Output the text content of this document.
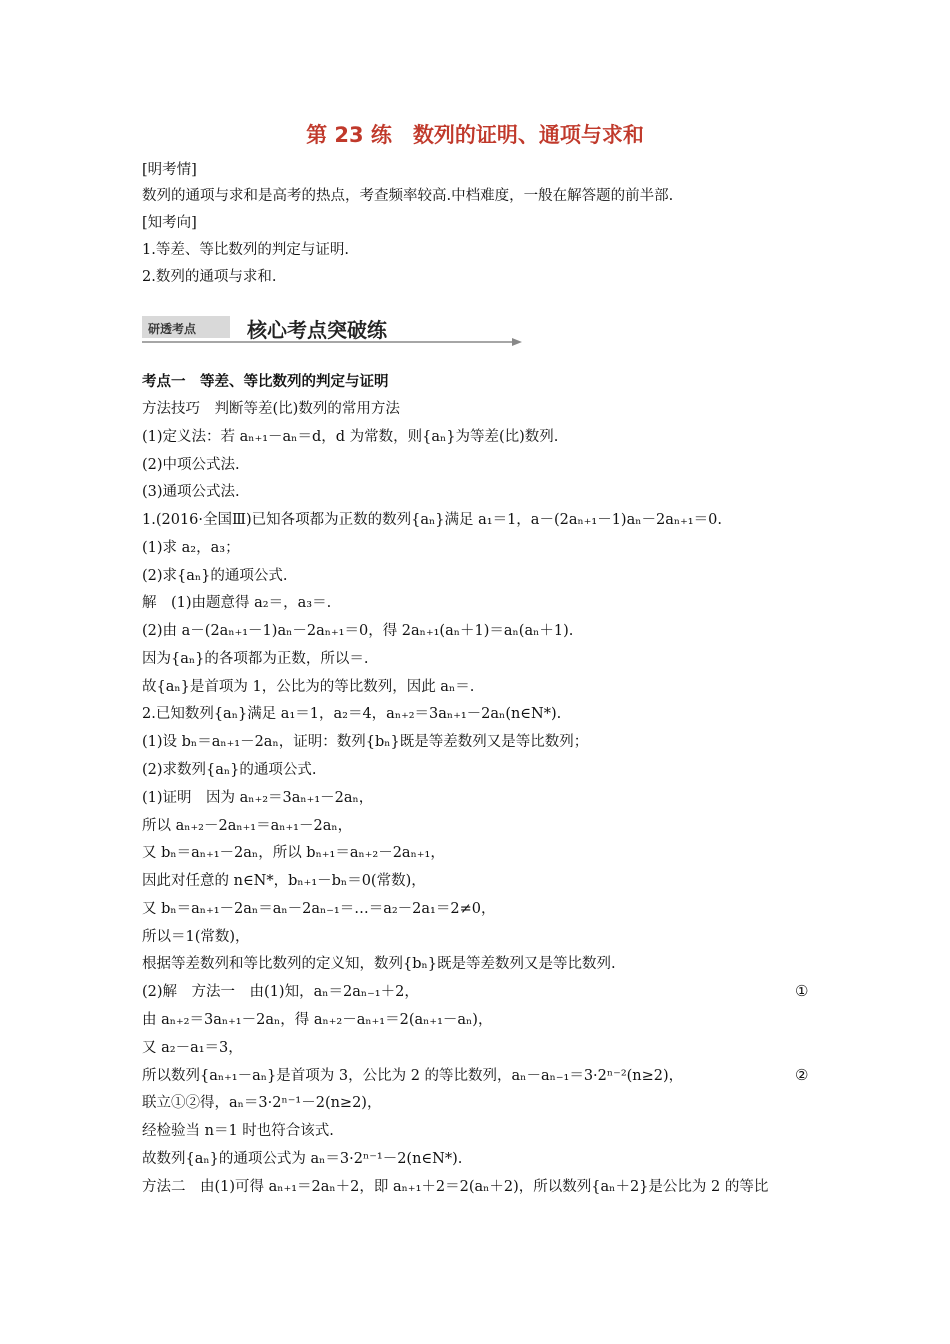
第 23 练　数列的证明、通项与求和
[明考情]
数列的通项与求和是高考的热点，考查频率较高.中档难度，一般在解答题的前半部.
[知考向]
1.等差、等比数列的判定与证明.
2.数列的通项与求和.
研透考点	核心考点突破练
考点一　等差、等比数列的判定与证明
方法技巧　判断等差(比)数列的常用方法
(1)定义法：若 aₙ₊₁－aₙ＝d，d 为常数，则{aₙ}为等差(比)数列.
(2)中项公式法.
(3)通项公式法.
1.(2016·全国Ⅲ)已知各项都为正数的数列{aₙ}满足 a₁＝1，a－(2aₙ₊₁－1)aₙ－2aₙ₊₁＝0.
(1)求 a₂，a₃；
(2)求{aₙ}的通项公式.
解　(1)由题意得 a₂＝，a₃＝.
(2)由 a－(2aₙ₊₁－1)aₙ－2aₙ₊₁＝0，得 2aₙ₊₁(aₙ＋1)＝aₙ(aₙ＋1).
因为{aₙ}的各项都为正数，所以＝.
故{aₙ}是首项为 1，公比为的等比数列，因此 aₙ＝.
2.已知数列{aₙ}满足 a₁＝1，a₂＝4，aₙ₊₂＝3aₙ₊₁－2aₙ(n∈N*).
(1)设 bₙ＝aₙ₊₁－2aₙ，证明：数列{bₙ}既是等差数列又是等比数列；
(2)求数列{aₙ}的通项公式.
(1)证明　因为 aₙ₊₂＝3aₙ₊₁－2aₙ，
所以 aₙ₊₂－2aₙ₊₁＝aₙ₊₁－2aₙ，
又 bₙ＝aₙ₊₁－2aₙ，所以 bₙ₊₁＝aₙ₊₂－2aₙ₊₁，
因此对任意的 n∈N*，bₙ₊₁－bₙ＝0(常数)，
又 bₙ＝aₙ₊₁－2aₙ＝aₙ－2aₙ₋₁＝…＝a₂－2a₁＝2≠0，
所以＝1(常数)，
根据等差数列和等比数列的定义知，数列{bₙ}既是等差数列又是等比数列.
(2)解　方法一　由(1)知，aₙ＝2aₙ₋₁＋2，	①
由 aₙ₊₂＝3aₙ₊₁－2aₙ，得 aₙ₊₂－aₙ₊₁＝2(aₙ₊₁－aₙ)，
又 a₂－a₁＝3，
所以数列{aₙ₊₁－aₙ}是首项为 3，公比为 2 的等比数列，aₙ－aₙ₋₁＝3·2ⁿ⁻²(n≥2)，	②
联立①②得，aₙ＝3·2ⁿ⁻¹－2(n≥2)，
经检验当 n＝1 时也符合该式.
故数列{aₙ}的通项公式为 aₙ＝3·2ⁿ⁻¹－2(n∈N*).
方法二　由(1)可得 aₙ₊₁＝2aₙ＋2，即 aₙ₊₁＋2＝2(aₙ＋2)，所以数列{aₙ＋2}是公比为 2 的等比
